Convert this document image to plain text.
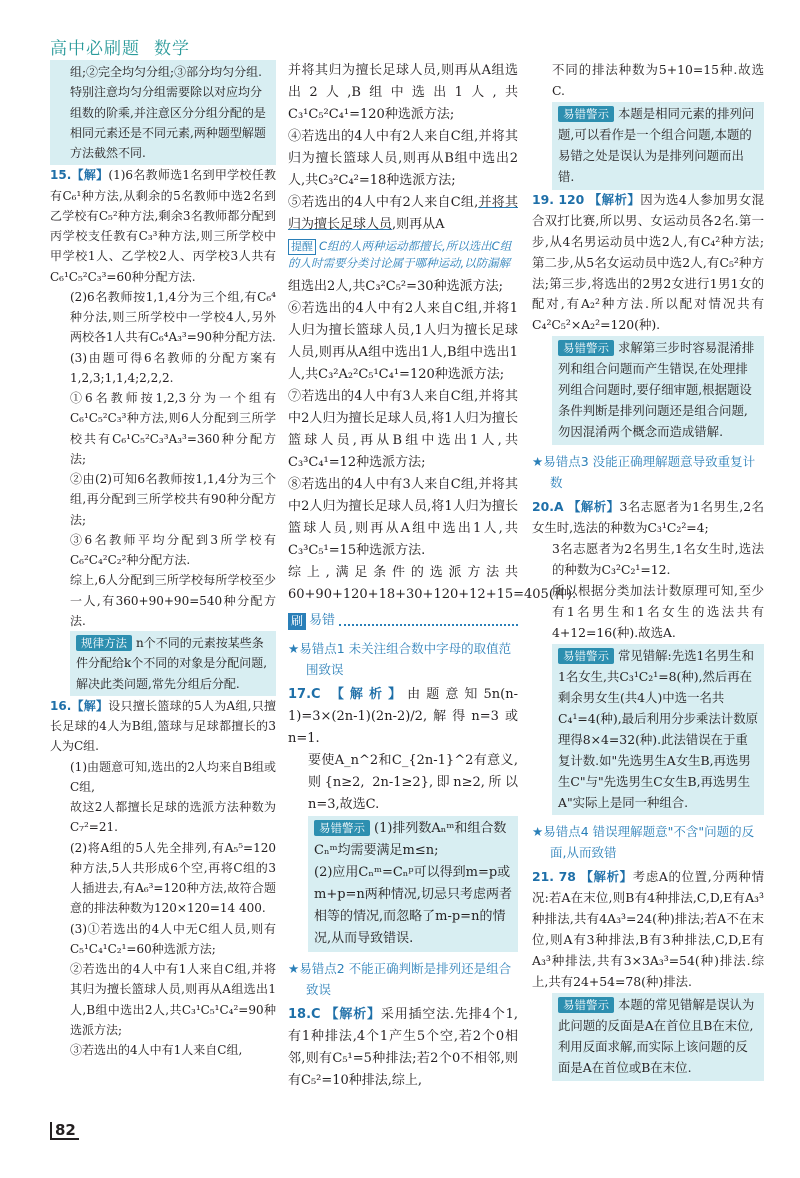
高中必刷题 数学

组;②完全均匀分组;③部分均匀分组.特别注意均匀分组需要除以对应均分组数的阶乘,并注意区分分组分配的是相同元素还是不同元素,两种题型解题方法截然不同.

15.【解】(1)6名教师选1名到甲学校任教有C₆¹种方法,从剩余的5名教师中选2名到乙学校有C₅²种方法,剩余3名教师都分配到丙学校支任教有C₃³种方法,则三所学校中甲学校1人、乙学校2人、丙学校3人共有C₆¹C₅²C₃³=60种分配方法.

(2)6名教师按1,1,4分为三个组,有C₆⁴种分法,则三所学校中一学校4人,另外两校各1人共有C₆⁴A₃³=90种分配方法.

(3)由题可得6名教师的分配方案有1,2,3;1,1,4;2,2,2.

①6名教师按1,2,3分为一个组有C₆¹C₅²C₃³种方法,则6人分配到三所学校共有C₆¹C₅²C₃³A₃³=360种分配方法;

②由(2)可知6名教师按1,1,4分为三个组,再分配到三所学校共有90种分配方法;

③6名教师平均分配到3所学校有C₆²C₄²C₂²种分配方法.

综上,6人分配到三所学校每所学校至少一人,有360+90+90=540种分配方法.

规律方法 n个不同的元素按某些条件分配给k个不同的对象是分配问题,解决此类问题,常先分组后分配.

16.【解】设只擅长篮球的5人为A组,只擅长足球的4人为B组,篮球与足球都擅长的3人为C组.

(1)由题意可知,选出的2人均来自B组或C组,

故这2人都擅长足球的选派方法种数为C₇²=21.

(2)将A组的5人先全排列,有A₅⁵=120种方法,5人共形成6个空,再将C组的3人插进去,有A₆³=120种方法,故符合题意的排法种数为120×120=14 400.

(3)①若选出的4人中无C组人员,则有C₅¹C₄¹C₂¹=60种选派方法;

②若选出的4人中有1人来自C组,并将其归为擅长篮球人员,则再从A组选出1人,B组中选出2人,共C₃¹C₅¹C₄²=90种选派方法;

③若选出的4人中有1人来自C组,

并将其归为擅长足球人员,则再从A组选出2人,B组中选出1人,共C₃¹C₅²C₄¹=120种选派方法;

④若选出的4人中有2人来自C组,并将其归为擅长篮球人员,则再从B组中选出2人,共C₃²C₄²=18种选派方法;

⑤若选出的4人中有2人来自C组,并将其归为擅长足球人员,则再从A

提醒 C组的人两种运动都擅长,所以选出C组的人时需要分类讨论属于哪种运动,以防漏解

组选出2人,共C₃²C₅²=30种选派方法;

⑥若选出的4人中有2人来自C组,并将1人归为擅长篮球人员,1人归为擅长足球人员,则再从A组中选出1人,B组中选出1人,共C₃²A₂²C₅¹C₄¹=120种选派方法;

⑦若选出的4人中有3人来自C组,并将其中2人归为擅长足球人员,将1人归为擅长篮球人员,再从B组中选出1人,共C₃³C₄¹=12种选派方法;

⑧若选出的4人中有3人来自C组,并将其中2人归为擅长足球人员,将1人归为擅长篮球人员,则再从A组中选出1人,共C₃³C₅¹=15种选派方法.

综上,满足条件的选派方法共60+90+120+18+30+120+12+15=405(种).

刷 易错
★易错点1 未关注组合数中字母的取值范围致误

17.C 【解析】由题意知5n(n-1)=3×(2n-1)(2n-2)/2,解得n=3或n=1.

要使A_n^2和C_{2n-1}^2有意义,则{n≥2, 2n-1≥2},即n≥2,所以n=3,故选C.

易错警示 (1)排列数Aₙᵐ和组合数Cₙᵐ均需要满足m≤n;
(2)应用Cₙᵐ=Cₙᵖ可以得到m=p或m+p=n两种情况,切忌只考虑两者相等的情况,而忽略了m-p=n的情况,从而导致错误.

★易错点2 不能正确判断是排列还是组合致误

18.C 【解析】采用插空法.先排4个1,有1种排法,4个1产生5个空,若2个0相邻,则有C₅¹=5种排法;若2个0不相邻,则有C₅²=10种排法,综上,

不同的排法种数为5+10=15种.故选C.

易错警示 本题是相同元素的排列问题,可以看作是一个组合问题,本题的易错之处是误认为是排列问题而出错.

19. 120 【解析】因为选4人参加男女混合双打比赛,所以男、女运动员各2名.第一步,从4名男运动员中选2人,有C₄²种方法;第二步,从5名女运动员中选2人,有C₅²种方法;第三步,将选出的2男2女进行1男1女的配对,有A₂²种方法.所以配对情况共有C₄²C₅²×A₂²=120(种).

易错警示 求解第三步时容易混淆排列和组合问题而产生错误,在处理排列组合问题时,要仔细审题,根据题设条件判断是排列问题还是组合问题,勿因混淆两个概念而造成错解.

★易错点3 没能正确理解题意导致重复计数

20.A 【解析】3名志愿者为1名男生,2名女生时,选法的种数为C₃¹C₂²=4;

3名志愿者为2名男生,1名女生时,选法的种数为C₃²C₂¹=12.

所以根据分类加法计数原理可知,至少有1名男生和1名女生的选法共有4+12=16(种).故选A.

易错警示 常见错解:先选1名男生和1名女生,共C₃¹C₂¹=8(种),然后再在剩余男女生(共4人)中选一名共C₄¹=4(种),最后利用分步乘法计数原理得8×4=32(种).此法错误在于重复计数.如"先选男生A女生B,再选男生C"与"先选男生C女生B,再选男生A"实际上是同一种组合.

★易错点4 错误理解题意"不含"问题的反面,从而致错

21. 78 【解析】考虑A的位置,分两种情况:若A在末位,则B有4种排法,C,D,E有A₃³种排法,共有4A₃³=24(种)排法;若A不在末位,则A有3种排法,B有3种排法,C,D,E有A₃³种排法,共有3×3A₃³=54(种)排法.综上,共有24+54=78(种)排法.

易错警示 本题的常见错解是误认为此问题的反面是A在首位且B在末位,利用反面求解,而实际上该问题的反面是A在首位或B在末位.

82
